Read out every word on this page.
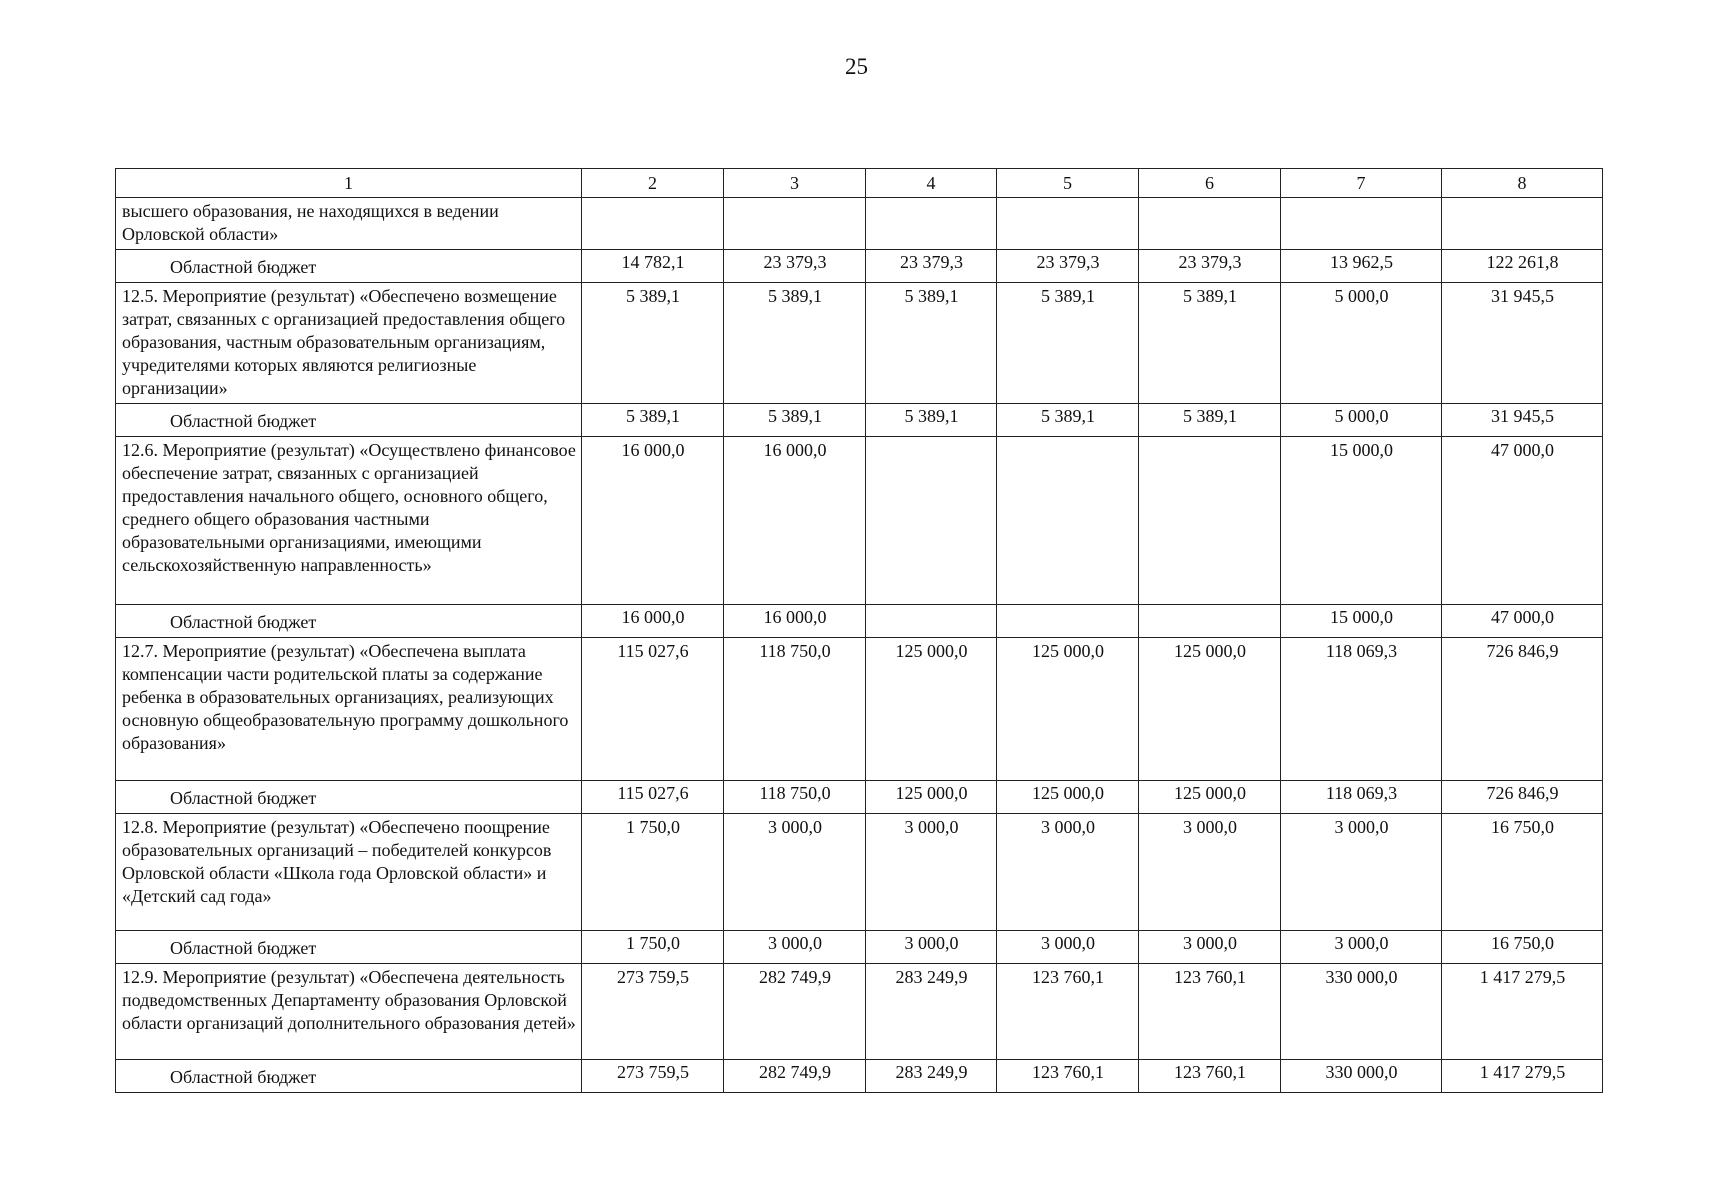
25
1	2	3	4	5	6	7	8
высшего образования, не находящихся в ведении Орловской области»							
Областной бюджет	14 782,1	23 379,3	23 379,3	23 379,3	23 379,3	13 962,5	122 261,8
12.5. Мероприятие (результат) «Обеспечено возмещение затрат, связанных с организацией предоставления общего образования, частным образовательным организациям, учредителями которых являются религиозные организации»	5 389,1	5 389,1	5 389,1	5 389,1	5 389,1	5 000,0	31 945,5
Областной бюджет	5 389,1	5 389,1	5 389,1	5 389,1	5 389,1	5 000,0	31 945,5
12.6. Мероприятие (результат) «Осуществлено финансовое обеспечение затрат, связанных с организацией предоставления начального общего, основного общего, среднего общего образования частными образовательными организациями, имеющими сельскохозяйственную направленность»	16 000,0	16 000,0				15 000,0	47 000,0
Областной бюджет	16 000,0	16 000,0				15 000,0	47 000,0
12.7. Мероприятие (результат) «Обеспечена выплата компенсации части родительской платы за содержание ребенка в образовательных организациях, реализующих основную общеобразовательную программу дошкольного образования»	115 027,6	118 750,0	125 000,0	125 000,0	125 000,0	118 069,3	726 846,9
Областной бюджет	115 027,6	118 750,0	125 000,0	125 000,0	125 000,0	118 069,3	726 846,9
12.8. Мероприятие (результат) «Обеспечено поощрение образовательных организаций – победителей конкурсов Орловской области «Школа года Орловской области» и «Детский сад года»	1 750,0	3 000,0	3 000,0	3 000,0	3 000,0	3 000,0	16 750,0
Областной бюджет	1 750,0	3 000,0	3 000,0	3 000,0	3 000,0	3 000,0	16 750,0
12.9. Мероприятие (результат) «Обеспечена деятельность подведомственных Департаменту образования Орловской области организаций дополнительного образования детей»	273 759,5	282 749,9	283 249,9	123 760,1	123 760,1	330 000,0	1 417 279,5
Областной бюджет	273 759,5	282 749,9	283 249,9	123 760,1	123 760,1	330 000,0	1 417 279,5
